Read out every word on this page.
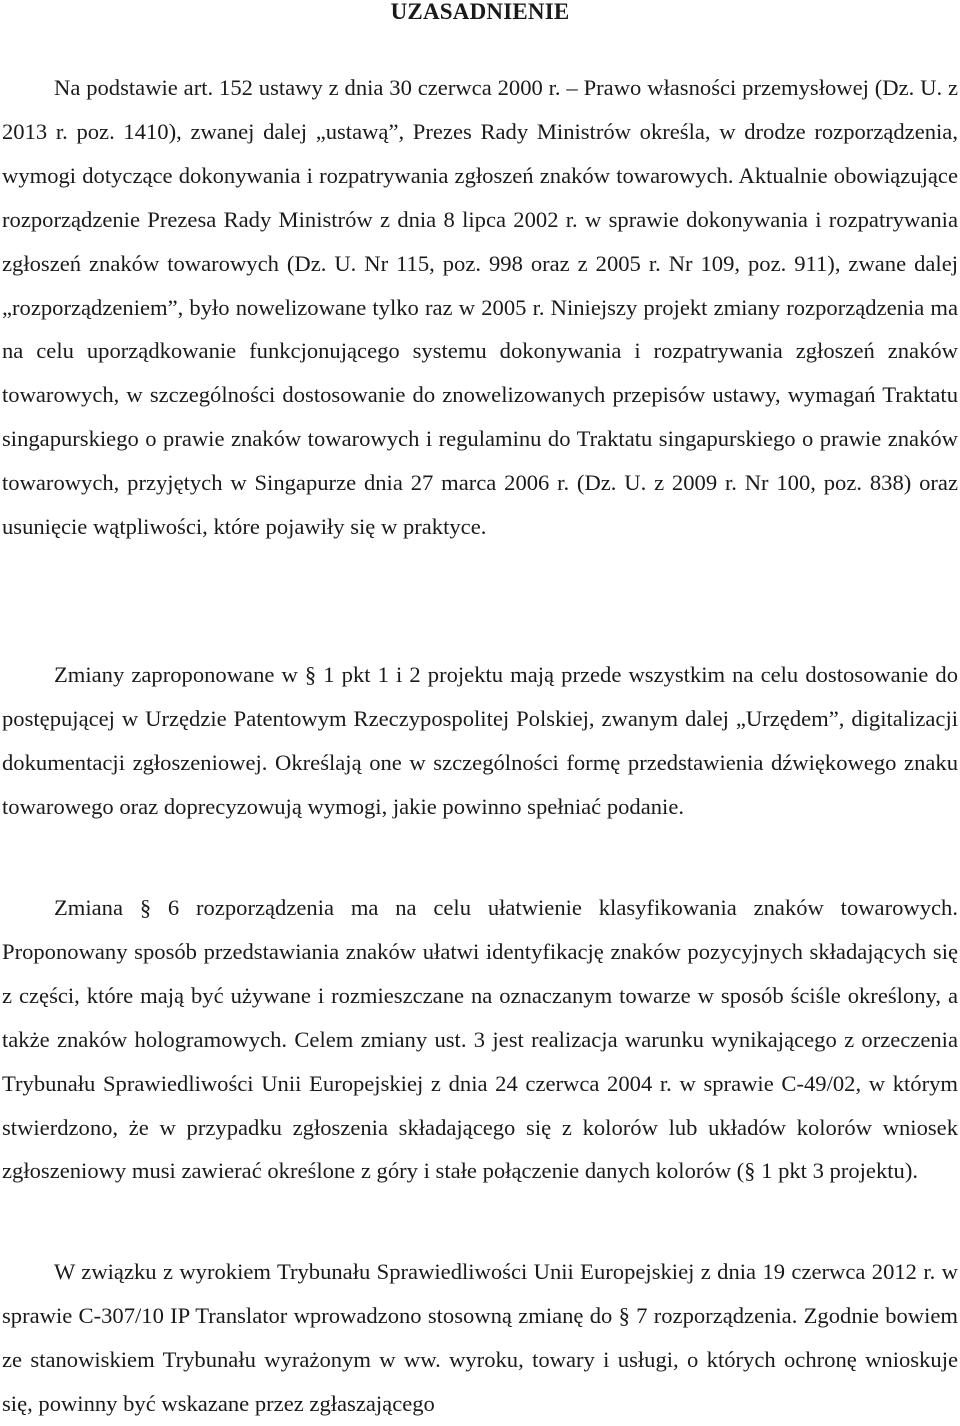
UZASADNIENIE

Na podstawie art. 152 ustawy z dnia 30 czerwca 2000 r. – Prawo własności przemysłowej (Dz. U. z 2013 r. poz. 1410), zwanej dalej „ustawą”, Prezes Rady Ministrów określa, w drodze rozporządzenia, wymogi dotyczące dokonywania i rozpatrywania zgłoszeń znaków towarowych. Aktualnie obowiązujące rozporządzenie Prezesa Rady Ministrów z dnia 8 lipca 2002 r. w sprawie dokonywania i rozpatrywania zgłoszeń znaków towarowych (Dz. U. Nr 115, poz. 998 oraz z 2005 r. Nr 109, poz. 911), zwane dalej „rozporządzeniem”, było nowelizowane tylko raz w 2005 r. Niniejszy projekt zmiany rozporządzenia ma na celu uporządkowanie funkcjonującego systemu dokonywania i rozpatrywania zgłoszeń znaków towarowych, w szczególności dostosowanie do znowelizowanych przepisów ustawy, wymagań Traktatu singapurskiego o prawie znaków towarowych i regulaminu do Traktatu singapurskiego o prawie znaków towarowych, przyjętych w Singapurze dnia 27 marca 2006 r. (Dz. U. z 2009 r. Nr 100, poz. 838) oraz usunięcie wątpliwości, które pojawiły się w praktyce.

Zmiany zaproponowane w § 1 pkt 1 i 2 projektu mają przede wszystkim na celu dostosowanie do postępującej w Urzędzie Patentowym Rzeczypospolitej Polskiej, zwanym dalej „Urzędem”, digitalizacji dokumentacji zgłoszeniowej. Określają one w szczególności formę przedstawienia dźwiękowego znaku towarowego oraz doprecyzowują wymogi, jakie powinno spełniać podanie.

Zmiana § 6 rozporządzenia ma na celu ułatwienie klasyfikowania znaków towarowych. Proponowany sposób przedstawiania znaków ułatwi identyfikację znaków pozycyjnych składających się z części, które mają być używane i rozmieszczane na oznaczanym towarze w sposób ściśle określony, a także znaków hologramowych. Celem zmiany ust. 3 jest realizacja warunku wynikającego z orzeczenia Trybunału Sprawiedliwości Unii Europejskiej z dnia 24 czerwca 2004 r. w sprawie C-49/02, w którym stwierdzono, że w przypadku zgłoszenia składającego się z kolorów lub układów kolorów wniosek zgłoszeniowy musi zawierać określone z góry i stałe połączenie danych kolorów (§ 1 pkt 3 projektu).

W związku z wyrokiem Trybunału Sprawiedliwości Unii Europejskiej z dnia 19 czerwca 2012 r. w sprawie C-307/10 IP Translator wprowadzono stosowną zmianę do § 7 rozporządzenia. Zgodnie bowiem ze stanowiskiem Trybunału wyrażonym w ww. wyroku, towary i usługi, o których ochronę wnioskuje się, powinny być wskazane przez zgłaszającego
